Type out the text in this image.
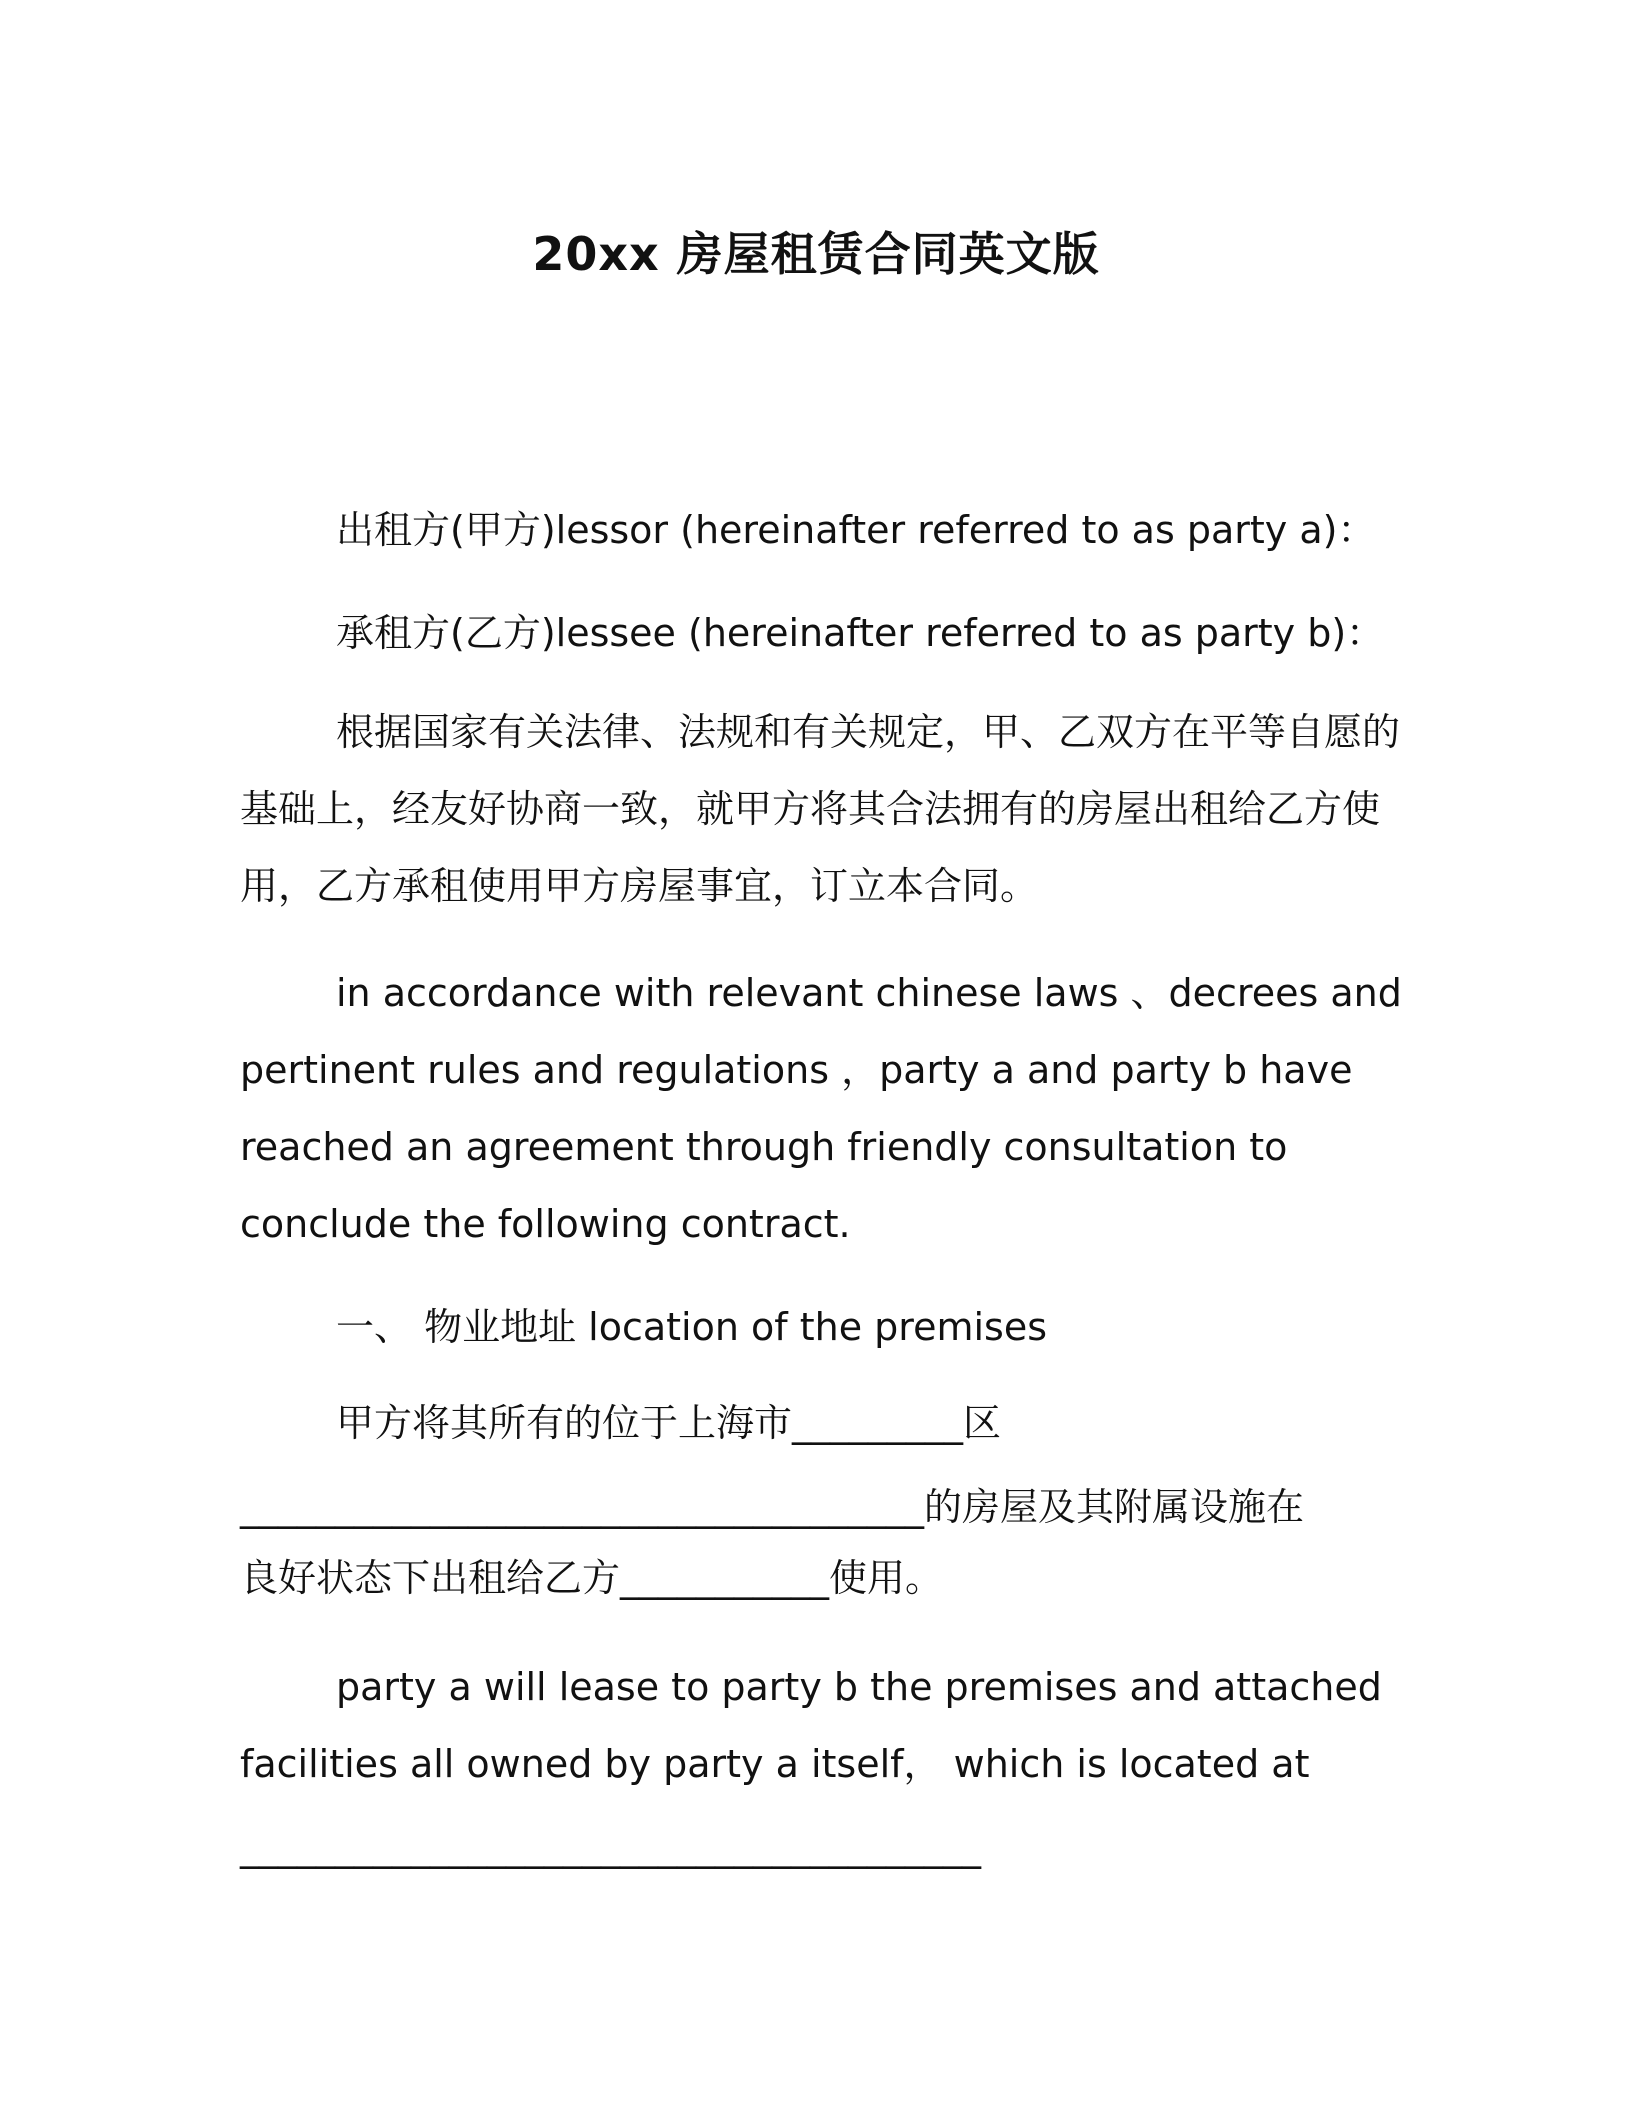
20xx 房屋租赁合同英文版
出租方(甲方)lessor (hereinafter referred to as party a)：
承租方(乙方)lessee (hereinafter referred to as party b)：
根据国家有关法律、法规和有关规定，甲、乙双方在平等自愿的
基础上，经友好协商一致，就甲方将其合法拥有的房屋出租给乙方使
用，乙方承租使用甲方房屋事宜，订立本合同。
in accordance with relevant chinese laws 、decrees and
pertinent rules and regulations ，party a and party b have
reached an agreement through friendly consultation to
conclude the following contract.
一、 物业地址 location of the premises
甲方将其所有的位于上海市_________区
____________________________________的房屋及其附属设施在
良好状态下出租给乙方___________使用。
party a will lease to party b the premises and attached
facilities all owned by party a itself， which is located at
_______________________________________
